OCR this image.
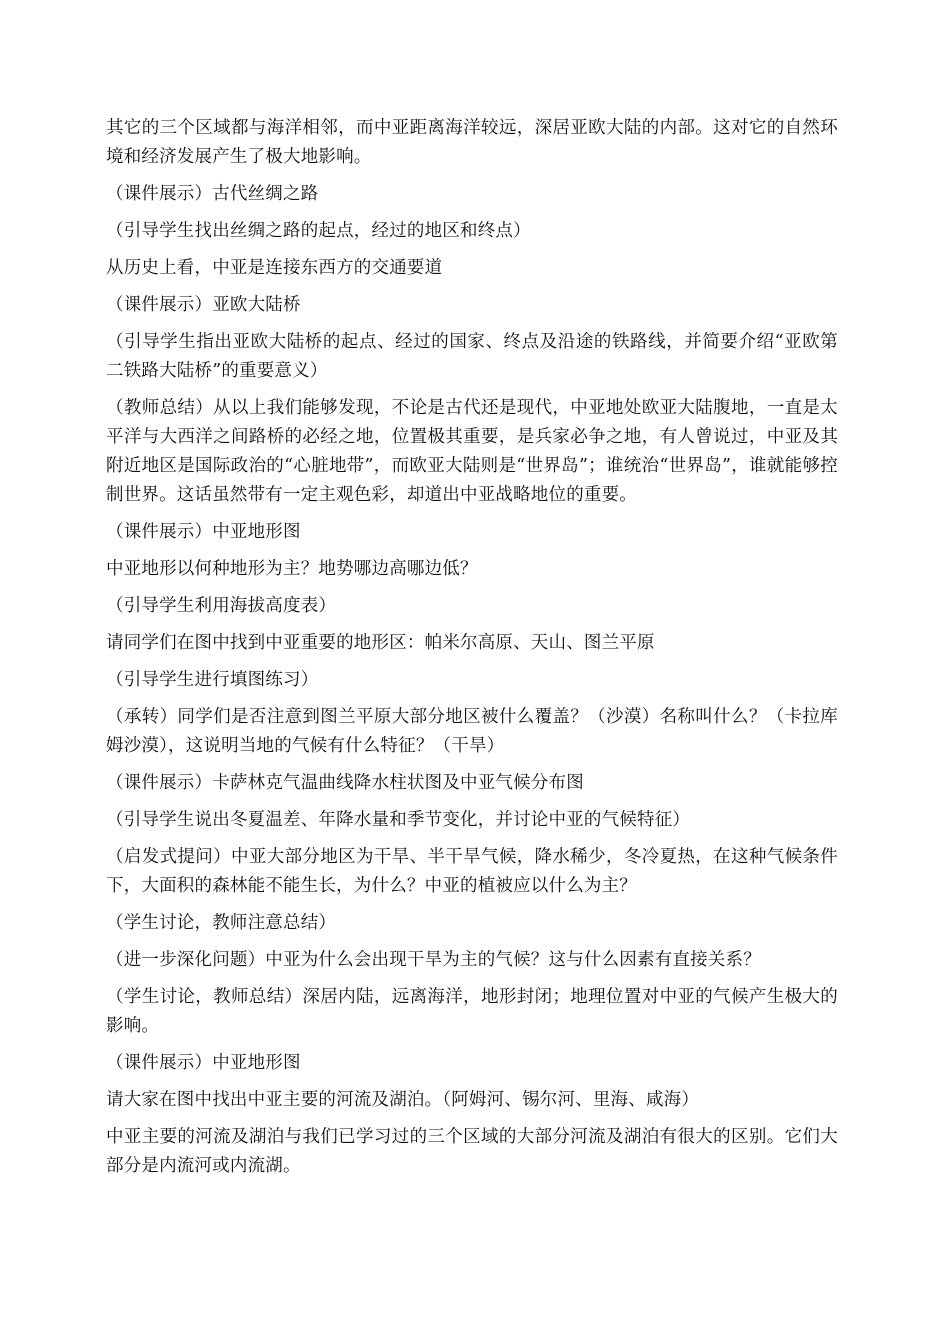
其它的三个区域都与海洋相邻，而中亚距离海洋较远，深居亚欧大陆的内部。这对它的自然环境和经济发展产生了极大地影响。

（课件展示）古代丝绸之路

（引导学生找出丝绸之路的起点，经过的地区和终点）

从历史上看，中亚是连接东西方的交通要道

（课件展示）亚欧大陆桥

（引导学生指出亚欧大陆桥的起点、经过的国家、终点及沿途的铁路线，并简要介绍“亚欧第二铁路大陆桥”的重要意义）

（教师总结）从以上我们能够发现，不论是古代还是现代，中亚地处欧亚大陆腹地，一直是太平洋与大西洋之间路桥的必经之地，位置极其重要，是兵家必争之地，有人曾说过，中亚及其附近地区是国际政治的“心脏地带”，而欧亚大陆则是“世界岛”；谁统治“世界岛”，谁就能够控制世界。这话虽然带有一定主观色彩，却道出中亚战略地位的重要。

（课件展示）中亚地形图

中亚地形以何种地形为主？地势哪边高哪边低？

（引导学生利用海拔高度表）

请同学们在图中找到中亚重要的地形区：帕米尔高原、天山、图兰平原

（引导学生进行填图练习）

（承转）同学们是否注意到图兰平原大部分地区被什么覆盖？（沙漠）名称叫什么？（卡拉库姆沙漠），这说明当地的气候有什么特征？（干旱）

（课件展示）卡萨林克气温曲线降水柱状图及中亚气候分布图

（引导学生说出冬夏温差、年降水量和季节变化，并讨论中亚的气候特征）

（启发式提问）中亚大部分地区为干旱、半干旱气候，降水稀少，冬冷夏热，在这种气候条件下，大面积的森林能不能生长，为什么？中亚的植被应以什么为主？

（学生讨论，教师注意总结）

（进一步深化问题）中亚为什么会出现干旱为主的气候？这与什么因素有直接关系？

（学生讨论，教师总结）深居内陆，远离海洋，地形封闭；地理位置对中亚的气候产生极大的影响。

（课件展示）中亚地形图

请大家在图中找出中亚主要的河流及湖泊。（阿姆河、锡尔河、里海、咸海）

中亚主要的河流及湖泊与我们已学习过的三个区域的大部分河流及湖泊有很大的区别。它们大部分是内流河或内流湖。
